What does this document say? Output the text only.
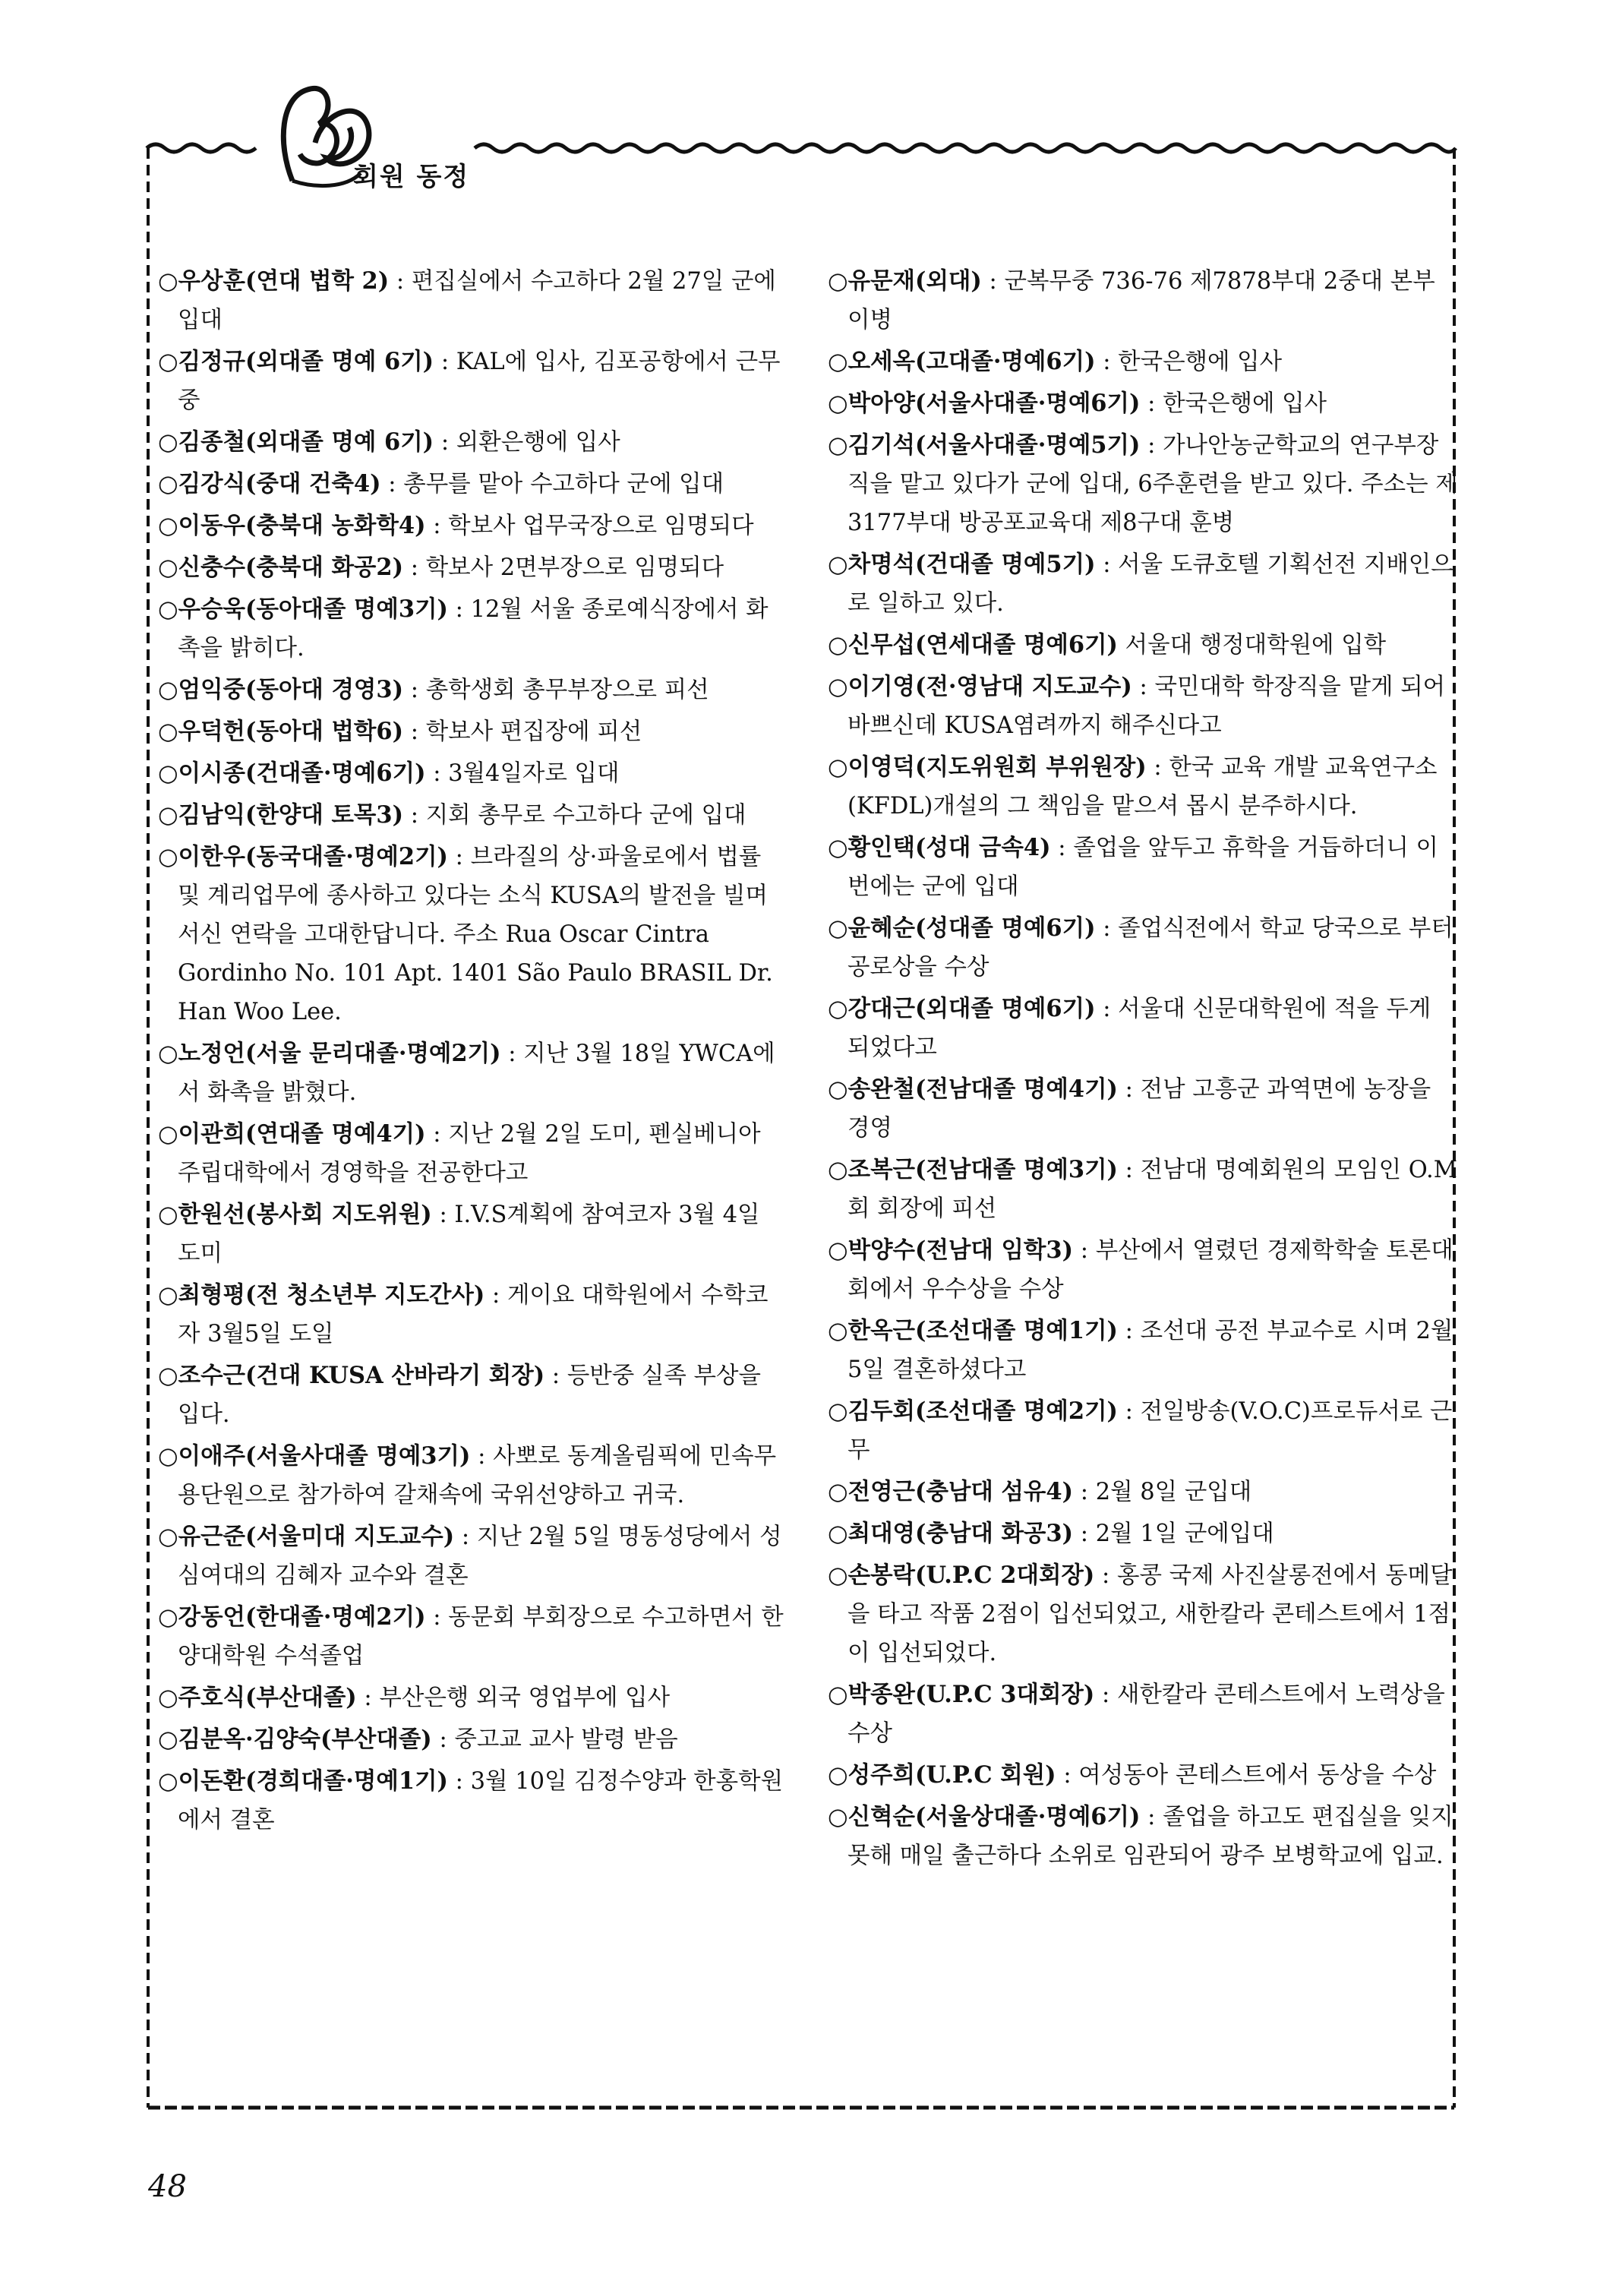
회원 동정
○우상훈(연대 법학 2) : 편집실에서 수고하다 2월 27일 군에 입대
○김정규(외대졸 명예 6기) : KAL에 입사, 김포공항에서 근무중
○김종철(외대졸 명예 6기) : 외환은행에 입사
○김강식(중대 건축4) : 총무를 맡아 수고하다 군에 입대
○이동우(충북대 농화학4) : 학보사 업무국장으로 임명되다
○신충수(충북대 화공2) : 학보사 2면부장으로 임명되다
○우승욱(동아대졸 명예3기) : 12월 서울 종로예식장에서 화촉을 밝히다.
○엄익중(동아대 경영3) : 총학생회 총무부장으로 피선
○우덕헌(동아대 법학6) : 학보사 편집장에 피선
○이시종(건대졸·명예6기) : 3월4일자로 입대
○김남익(한양대 토목3) : 지회 총무로 수고하다 군에 입대
○이한우(동국대졸·명예2기) : 브라질의 상·파울로에서 법률 및 계리업무에 종사하고 있다는 소식 KUSA의 발전을 빌며 서신 연락을 고대한답니다. 주소 Rua Oscar Cintra Gordinho No. 101 Apt. 1401 São Paulo BRASIL Dr. Han Woo Lee.
○노정언(서울 문리대졸·명예2기) : 지난 3월 18일 YWCA에서 화촉을 밝혔다.
○이관희(연대졸 명예4기) : 지난 2월 2일 도미, 펜실베니아 주립대학에서 경영학을 전공한다고
○한원선(봉사회 지도위원) : I.V.S계획에 참여코자 3월 4일 도미
○최형평(전 청소년부 지도간사) : 게이요 대학원에서 수학코자 3월5일 도일
○조수근(건대 KUSA 산바라기 회장) : 등반중 실족 부상을 입다.
○이애주(서울사대졸 명예3기) : 사뽀로 동계올림픽에 민속무용단원으로 참가하여 갈채속에 국위선양하고 귀국.
○유근준(서울미대 지도교수) : 지난 2월 5일 명동성당에서 성심여대의 김혜자 교수와 결혼
○강동언(한대졸·명예2기) : 동문회 부회장으로 수고하면서 한양대학원 수석졸업
○주호식(부산대졸) : 부산은행 외국 영업부에 입사
○김분옥·김양숙(부산대졸) : 중고교 교사 발령 받음
○이돈환(경희대졸·명예1기) : 3월 10일 김정수양과 한홍학원에서 결혼
○유문재(외대) : 군복무중 736-76 제7878부대 2중대 본부 이병
○오세옥(고대졸·명예6기) : 한국은행에 입사
○박아양(서울사대졸·명예6기) : 한국은행에 입사
○김기석(서울사대졸·명예5기) : 가나안농군학교의 연구부장직을 맡고 있다가 군에 입대, 6주훈련을 받고 있다. 주소는 제3177부대 방공포교육대 제8구대 훈병
○차명석(건대졸 명예5기) : 서울 도큐호텔 기획선전 지배인으로 일하고 있다.
○신무섭(연세대졸 명예6기) 서울대 행정대학원에 입학
○이기영(전·영남대 지도교수) : 국민대학 학장직을 맡게 되어 바쁘신데 KUSA염려까지 해주신다고
○이영덕(지도위원회 부위원장) : 한국 교육 개발 교육연구소(KFDL)개설의 그 책임을 맡으셔 몹시 분주하시다.
○황인택(성대 금속4) : 졸업을 앞두고 휴학을 거듭하더니 이번에는 군에 입대
○윤혜순(성대졸 명예6기) : 졸업식전에서 학교 당국으로 부터 공로상을 수상
○강대근(외대졸 명예6기) : 서울대 신문대학원에 적을 두게 되었다고
○송완철(전남대졸 명예4기) : 전남 고흥군 과역면에 농장을 경영
○조복근(전남대졸 명예3기) : 전남대 명예회원의 모임인 O.M회 회장에 피선
○박양수(전남대 임학3) : 부산에서 열렸던 경제학학술 토론대회에서 우수상을 수상
○한옥근(조선대졸 명예1기) : 조선대 공전 부교수로 시며 2월 5일 결혼하셨다고
○김두회(조선대졸 명예2기) : 전일방송(V.O.C)프로듀서로 근무
○전영근(충남대 섬유4) : 2월 8일 군입대
○최대영(충남대 화공3) : 2월 1일 군에입대
○손봉락(U.P.C 2대회장) : 홍콩 국제 사진살롱전에서 동메달을 타고 작품 2점이 입선되었고, 새한칼라 콘테스트에서 1점이 입선되었다.
○박종완(U.P.C 3대회장) : 새한칼라 콘테스트에서 노력상을 수상
○성주희(U.P.C 회원) : 여성동아 콘테스트에서 동상을 수상
○신혁순(서울상대졸·명예6기) : 졸업을 하고도 편집실을 잊지 못해 매일 출근하다 소위로 임관되어 광주 보병학교에 입교.
48
